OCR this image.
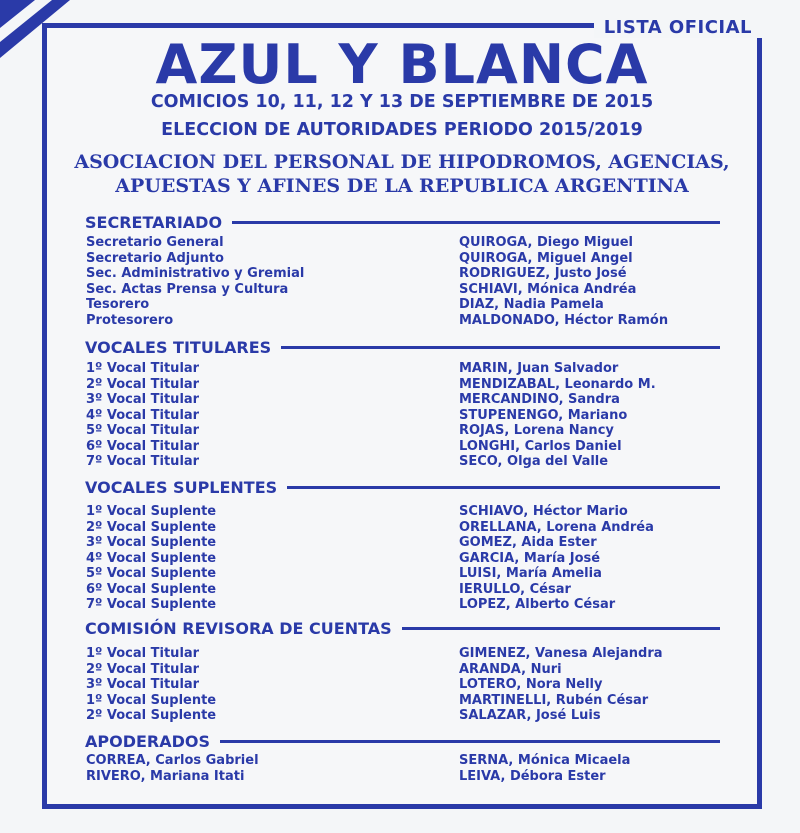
LISTA OFICIAL
AZUL Y BLANCA
COMICIOS 10, 11, 12 Y 13 DE SEPTIEMBRE DE 2015
ELECCION DE AUTORIDADES PERIODO 2015/2019
ASOCIACION DEL PERSONAL DE HIPODROMOS, AGENCIAS,
APUESTAS Y AFINES DE LA REPUBLICA ARGENTINA
SECRETARIADO
Secretario General	QUIROGA, Diego Miguel
Secretario Adjunto	QUIROGA, Miguel Angel
Sec. Administrativo y Gremial	RODRIGUEZ, Justo José
Sec. Actas Prensa y Cultura	SCHIAVI, Mónica Andréa
Tesorero	DIAZ, Nadia Pamela
Protesorero	MALDONADO, Héctor Ramón
VOCALES TITULARES
1º Vocal Titular	MARIN, Juan Salvador
2º Vocal Titular	MENDIZABAL, Leonardo M.
3º Vocal Titular	MERCANDINO, Sandra
4º Vocal Titular	STUPENENGO, Mariano
5º Vocal Titular	ROJAS, Lorena Nancy
6º Vocal Titular	LONGHI, Carlos Daniel
7º Vocal Titular	SECO, Olga del Valle
VOCALES SUPLENTES
1º Vocal Suplente	SCHIAVO, Héctor Mario
2º Vocal Suplente	ORELLANA, Lorena Andréa
3º Vocal Suplente	GOMEZ, Aida Ester
4º Vocal Suplente	GARCIA, María José
5º Vocal Suplente	LUISI, María Amelia
6º Vocal Suplente	IERULLO, César
7º Vocal Suplente	LOPEZ, Alberto César
COMISIÓN REVISORA DE CUENTAS
1º Vocal Titular	GIMENEZ, Vanesa Alejandra
2º Vocal Titular	ARANDA, Nuri
3º Vocal Titular	LOTERO, Nora Nelly
1º Vocal Suplente	MARTINELLI, Rubén César
2º Vocal Suplente	SALAZAR, José Luis
APODERADOS
CORREA, Carlos Gabriel	SERNA, Mónica Micaela
RIVERO, Mariana Itati	LEIVA, Débora Ester
